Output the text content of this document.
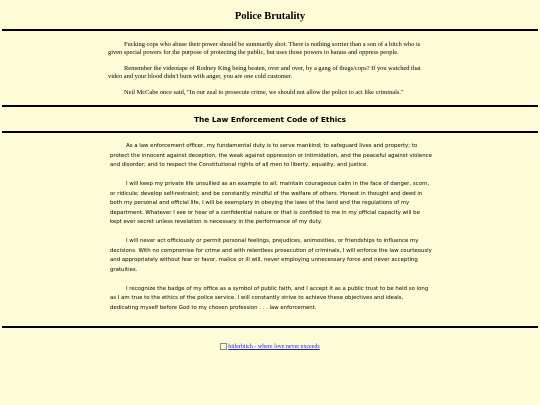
Police Brutality

Fucking cops who abuse their power should be summarily shot. There is nothing sorrier than a son of a bitch who is given special powers for the purpose of protecting the public, but uses those powers to harass and oppress people.

Remember the videotape of Rodney King being beaten, over and over, by a gang of thugs/cops? If you watched that video and your blood didn't burn with anger, you are one cold customer.

Neil McCabe once said, "In our zeal to prosecute crime, we should not allow the police to act like criminals."

The Law Enforcement Code of Ethics

As a law enforcement officer, my fundamental duty is to serve mankind; to safeguard lives and property; to protect the innocent against deception, the weak against oppression or intimidation, and the peaceful against violence and disorder; and to respect the Constitutional rights of all men to liberty, equality, and justice.

I will keep my private life unsullied as an example to all; maintain courageous calm in the face of danger, scorn, or ridicule; develop self-restraint; and be constantly mindful of the welfare of others. Honest in thought and deed in both my personal and official life, I will be exemplary in obeying the laws of the land and the regulations of my department. Whatever I see or hear of a confidential nature or that is confided to me in my official capacity will be kept ever secret unless revelation is necessary in the performance of my duty.

I will never act officiously or permit personal feelings, prejudices, animosities, or friendships to influence my decisions. With no compromise for crime and with relentless prosecution of criminals, I will enforce the law courteously and appropriately without fear or favor, malice or ill will, never employing unnecessary force and never accepting gratuities.

I recognize the badge of my office as a symbol of public faith, and I accept it as a public trust to be held so long as I am true to the ethics of the police service. I will constantly strive to achieve these objectives and ideals, dedicating myself before God to my chosen profession . . . law enforcement.

hitlerbitch - where love never exceeds
